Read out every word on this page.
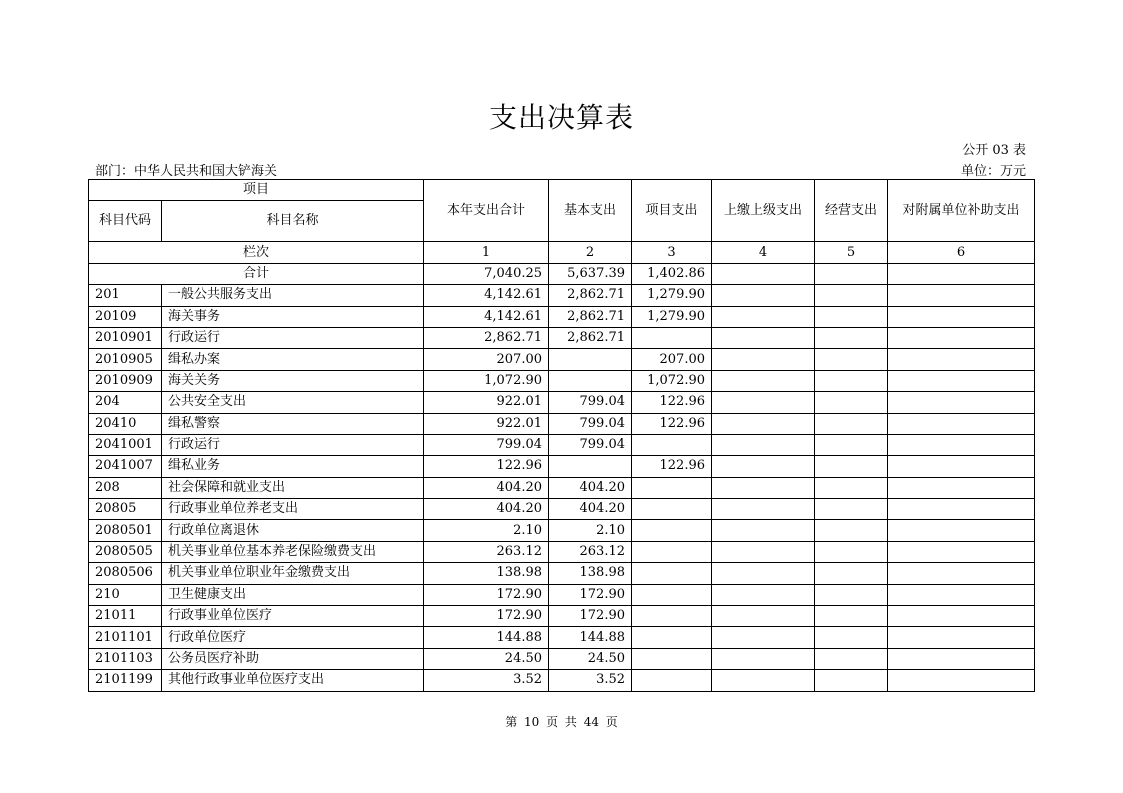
支出决算表
公开 03 表
部门：中华人民共和国大铲海关	单位：万元
项目		本年支出合计	基本支出	项目支出	上缴上级支出	经营支出	对附属单位补助支出
科目代码	科目名称						
栏次		1	2	3	4	5	6
合计		7,040.25	5,637.39	1,402.86			
201	一般公共服务支出	4,142.61	2,862.71	1,279.90			
20109	海关事务	4,142.61	2,862.71	1,279.90			
2010901	行政运行	2,862.71	2,862.71				
2010905	缉私办案	207.00		207.00			
2010909	海关关务	1,072.90		1,072.90			
204	公共安全支出	922.01	799.04	122.96			
20410	缉私警察	922.01	799.04	122.96			
2041001	行政运行	799.04	799.04				
2041007	缉私业务	122.96		122.96			
208	社会保障和就业支出	404.20	404.20				
20805	行政事业单位养老支出	404.20	404.20				
2080501	行政单位离退休	2.10	2.10				
2080505	机关事业单位基本养老保险缴费支出	263.12	263.12				
2080506	机关事业单位职业年金缴费支出	138.98	138.98				
210	卫生健康支出	172.90	172.90				
21011	行政事业单位医疗	172.90	172.90				
2101101	行政单位医疗	144.88	144.88				
2101103	公务员医疗补助	24.50	24.50				
2101199	其他行政事业单位医疗支出	3.52	3.52				
第 10 页 共 44 页
